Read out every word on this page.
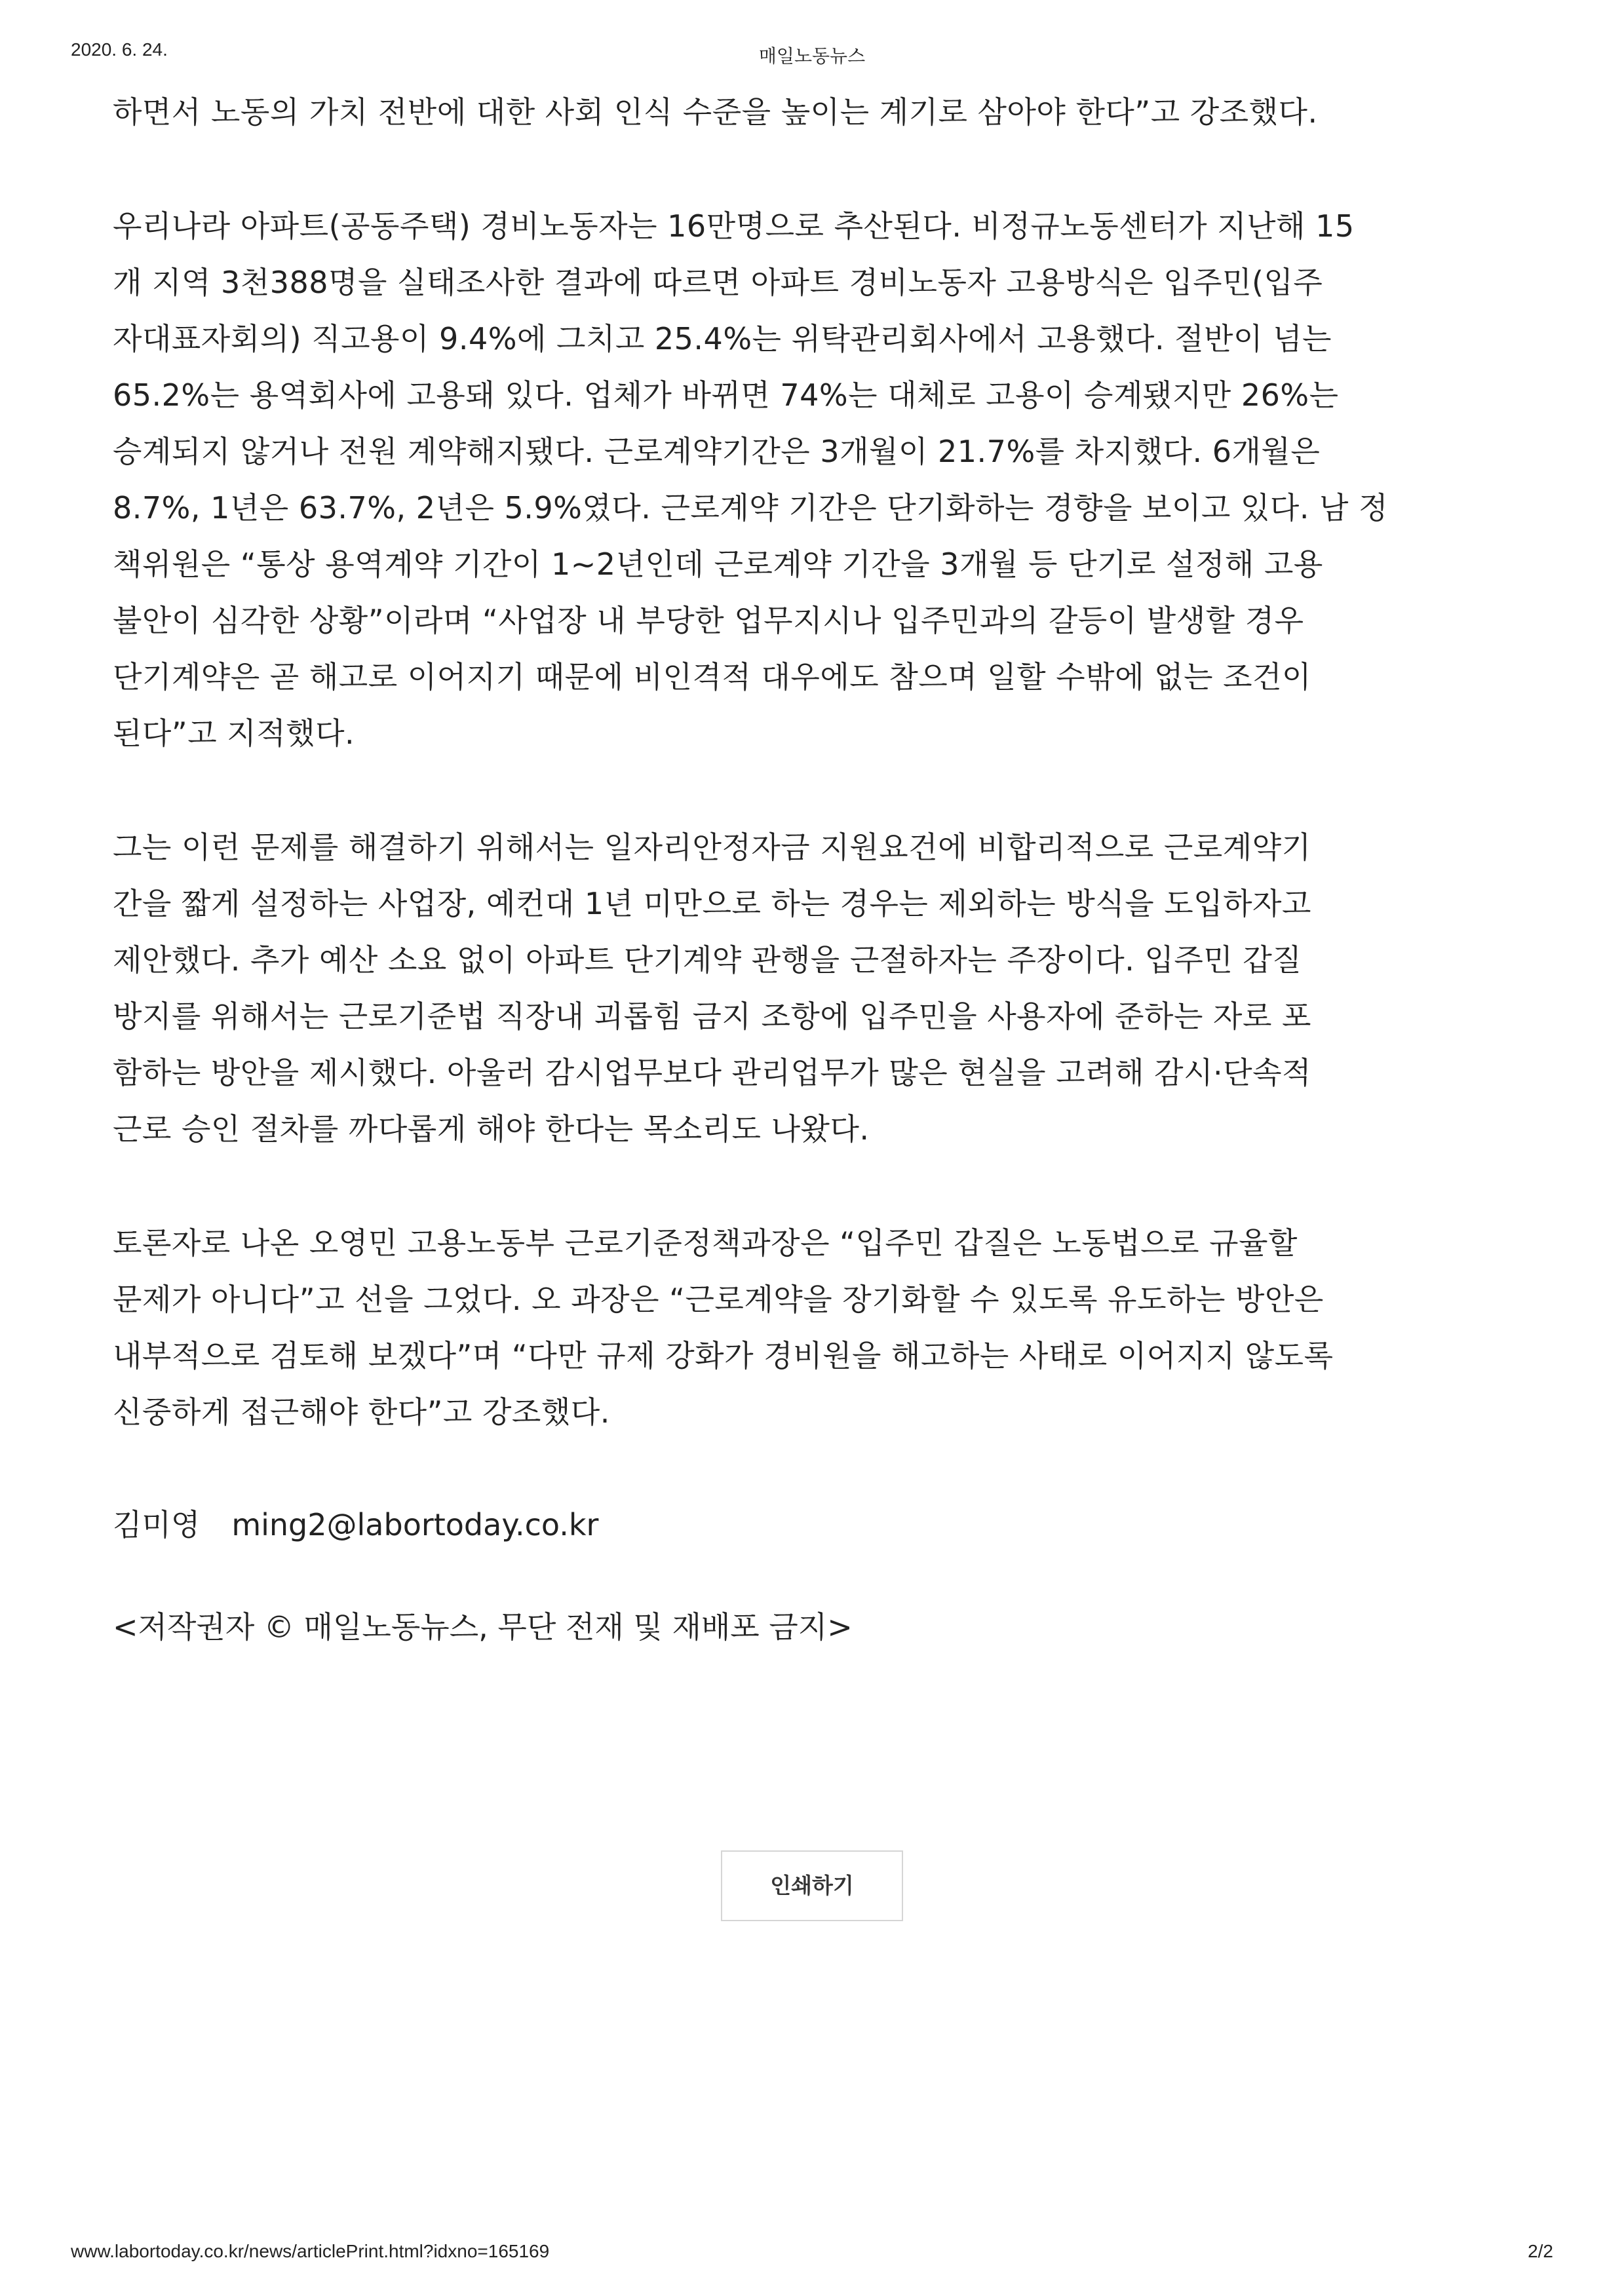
2020. 6. 24.	매일노동뉴스

하면서 노동의 가치 전반에 대한 사회 인식 수준을 높이는 계기로 삼아야 한다”고 강조했다.

우리나라 아파트(공동주택) 경비노동자는 16만명으로 추산된다. 비정규노동센터가 지난해 15
개 지역 3천388명을 실태조사한 결과에 따르면 아파트 경비노동자 고용방식은 입주민(입주
자대표자회의) 직고용이 9.4%에 그치고 25.4%는 위탁관리회사에서 고용했다. 절반이 넘는
65.2%는 용역회사에 고용돼 있다. 업체가 바뀌면 74%는 대체로 고용이 승계됐지만 26%는
승계되지 않거나 전원 계약해지됐다. 근로계약기간은 3개월이 21.7%를 차지했다. 6개월은
8.7%, 1년은 63.7%, 2년은 5.9%였다. 근로계약 기간은 단기화하는 경향을 보이고 있다. 남 정
책위원은 “통상 용역계약 기간이 1~2년인데 근로계약 기간을 3개월 등 단기로 설정해 고용
불안이 심각한 상황”이라며 “사업장 내 부당한 업무지시나 입주민과의 갈등이 발생할 경우
단기계약은 곧 해고로 이어지기 때문에 비인격적 대우에도 참으며 일할 수밖에 없는 조건이
된다”고 지적했다.

그는 이런 문제를 해결하기 위해서는 일자리안정자금 지원요건에 비합리적으로 근로계약기
간을 짧게 설정하는 사업장, 예컨대 1년 미만으로 하는 경우는 제외하는 방식을 도입하자고
제안했다. 추가 예산 소요 없이 아파트 단기계약 관행을 근절하자는 주장이다. 입주민 갑질
방지를 위해서는 근로기준법 직장내 괴롭힘 금지 조항에 입주민을 사용자에 준하는 자로 포
함하는 방안을 제시했다. 아울러 감시업무보다 관리업무가 많은 현실을 고려해 감시·단속적
근로 승인 절차를 까다롭게 해야 한다는 목소리도 나왔다.

토론자로 나온 오영민 고용노동부 근로기준정책과장은 “입주민 갑질은 노동법으로 규율할
문제가 아니다”고 선을 그었다. 오 과장은 “근로계약을 장기화할 수 있도록 유도하는 방안은
내부적으로 검토해 보겠다”며 “다만 규제 강화가 경비원을 해고하는 사태로 이어지지 않도록
신중하게 접근해야 한다”고 강조했다.

김미영 ming2@labortoday.co.kr
<저작권자 © 매일노동뉴스, 무단 전재 및 재배포 금지>
인쇄하기
www.labortoday.co.kr/news/articlePrint.html?idxno=165169	2/2
